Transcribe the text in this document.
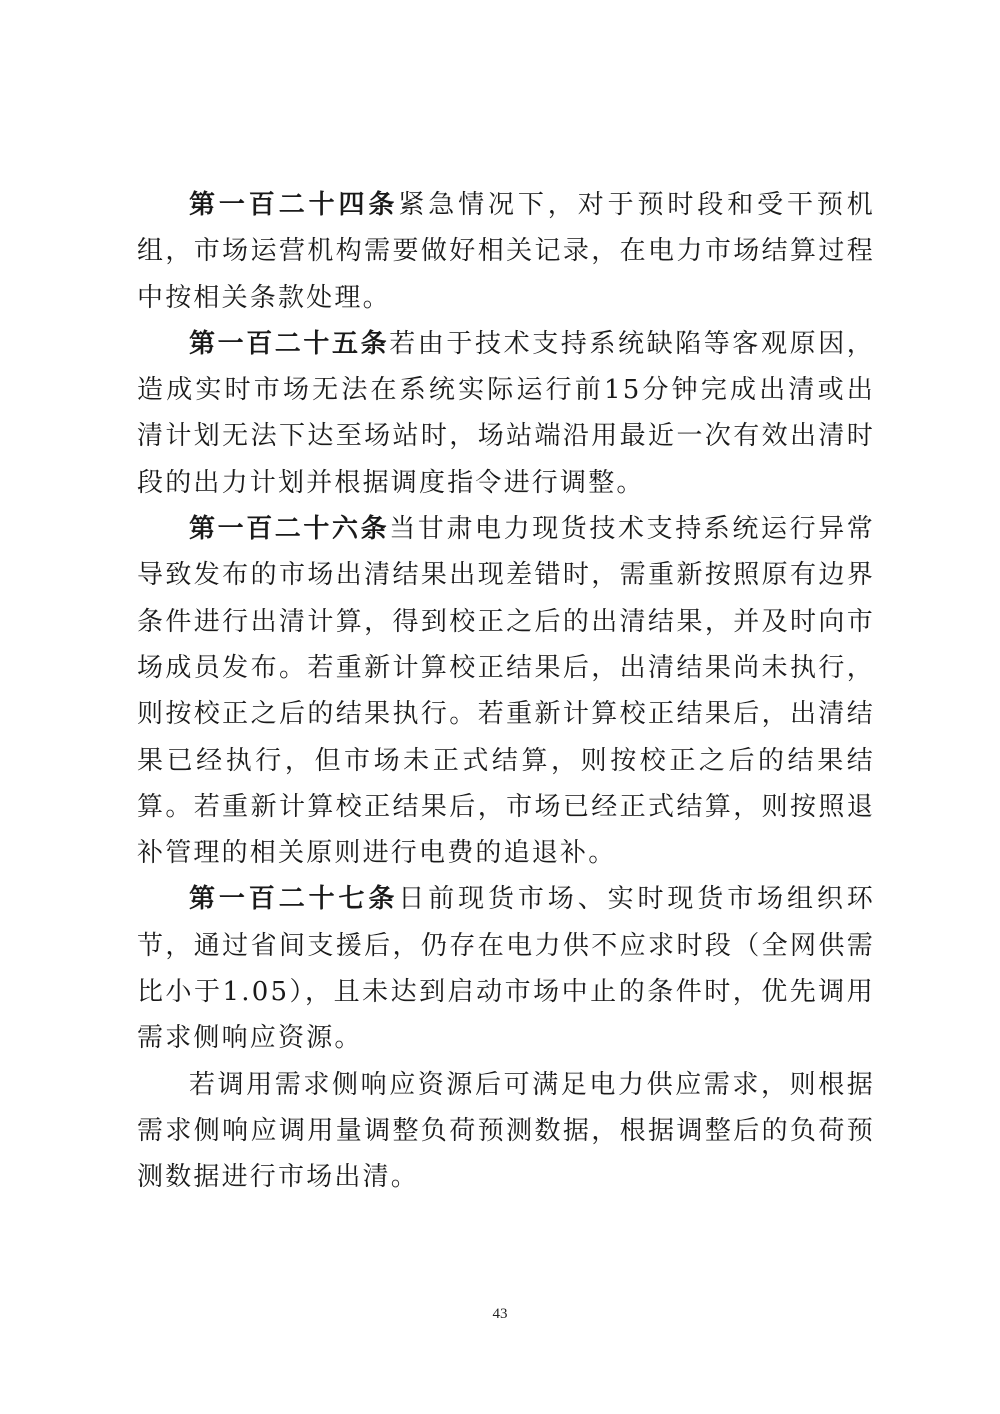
第一百二十四条紧急情况下，对于预时段和受干预机组，市场运营机构需要做好相关记录，在电力市场结算过程中按相关条款处理。

第一百二十五条若由于技术支持系统缺陷等客观原因，造成实时市场无法在系统实际运行前15分钟完成出清或出清计划无法下达至场站时，场站端沿用最近一次有效出清时段的出力计划并根据调度指令进行调整。

第一百二十六条当甘肃电力现货技术支持系统运行异常导致发布的市场出清结果出现差错时，需重新按照原有边界条件进行出清计算，得到校正之后的出清结果，并及时向市场成员发布。若重新计算校正结果后，出清结果尚未执行，则按校正之后的结果执行。若重新计算校正结果后，出清结果已经执行，但市场未正式结算，则按校正之后的结果结算。若重新计算校正结果后，市场已经正式结算，则按照退补管理的相关原则进行电费的追退补。

第一百二十七条日前现货市场、实时现货市场组织环节，通过省间支援后，仍存在电力供不应求时段（全网供需比小于1.05），且未达到启动市场中止的条件时，优先调用需求侧响应资源。

若调用需求侧响应资源后可满足电力供应需求，则根据需求侧响应调用量调整负荷预测数据，根据调整后的负荷预测数据进行市场出清。

43
